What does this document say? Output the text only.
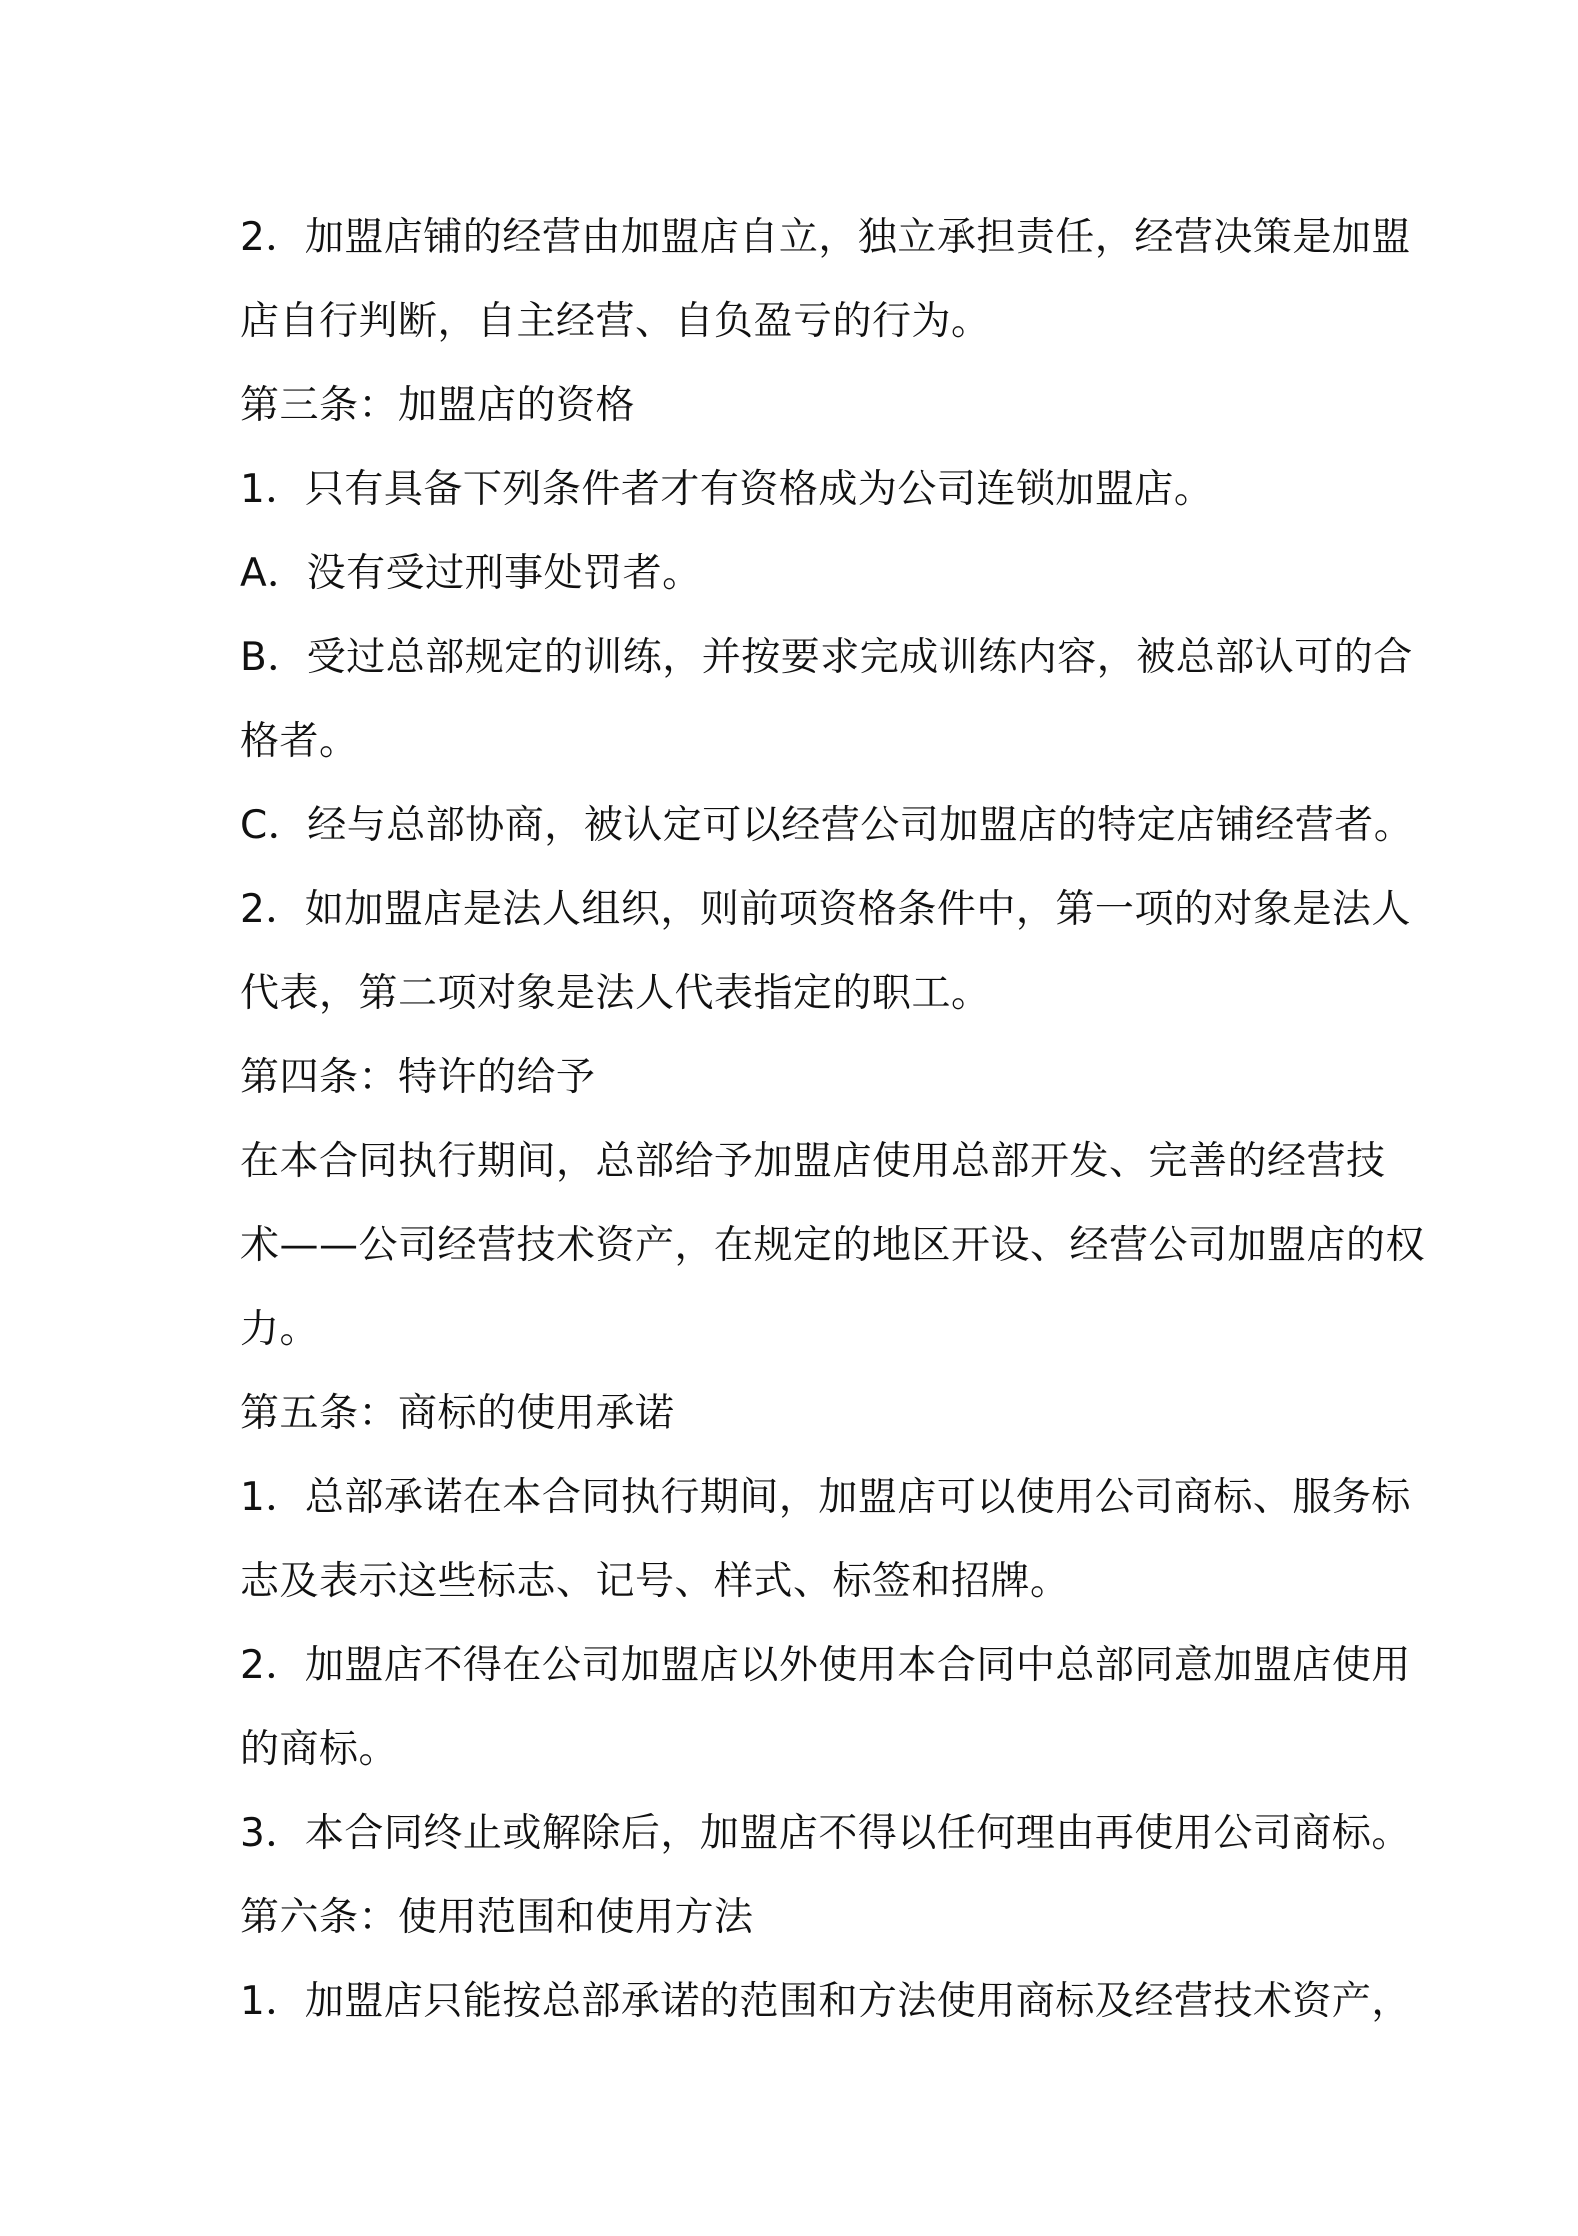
2．加盟店铺的经营由加盟店自立，独立承担责任，经营决策是加盟
店自行判断，自主经营、自负盈亏的行为。
第三条：加盟店的资格
1．只有具备下列条件者才有资格成为公司连锁加盟店。
A．没有受过刑事处罚者。
B．受过总部规定的训练，并按要求完成训练内容，被总部认可的合
格者。
C．经与总部协商，被认定可以经营公司加盟店的特定店铺经营者。
2．如加盟店是法人组织，则前项资格条件中，第一项的对象是法人
代表，第二项对象是法人代表指定的职工。
第四条：特许的给予
在本合同执行期间，总部给予加盟店使用总部开发、完善的经营技
术——公司经营技术资产，在规定的地区开设、经营公司加盟店的权
力。
第五条：商标的使用承诺
1．总部承诺在本合同执行期间，加盟店可以使用公司商标、服务标
志及表示这些标志、记号、样式、标签和招牌。
2．加盟店不得在公司加盟店以外使用本合同中总部同意加盟店使用
的商标。
3．本合同终止或解除后，加盟店不得以任何理由再使用公司商标。
第六条：使用范围和使用方法
1．加盟店只能按总部承诺的范围和方法使用商标及经营技术资产，
